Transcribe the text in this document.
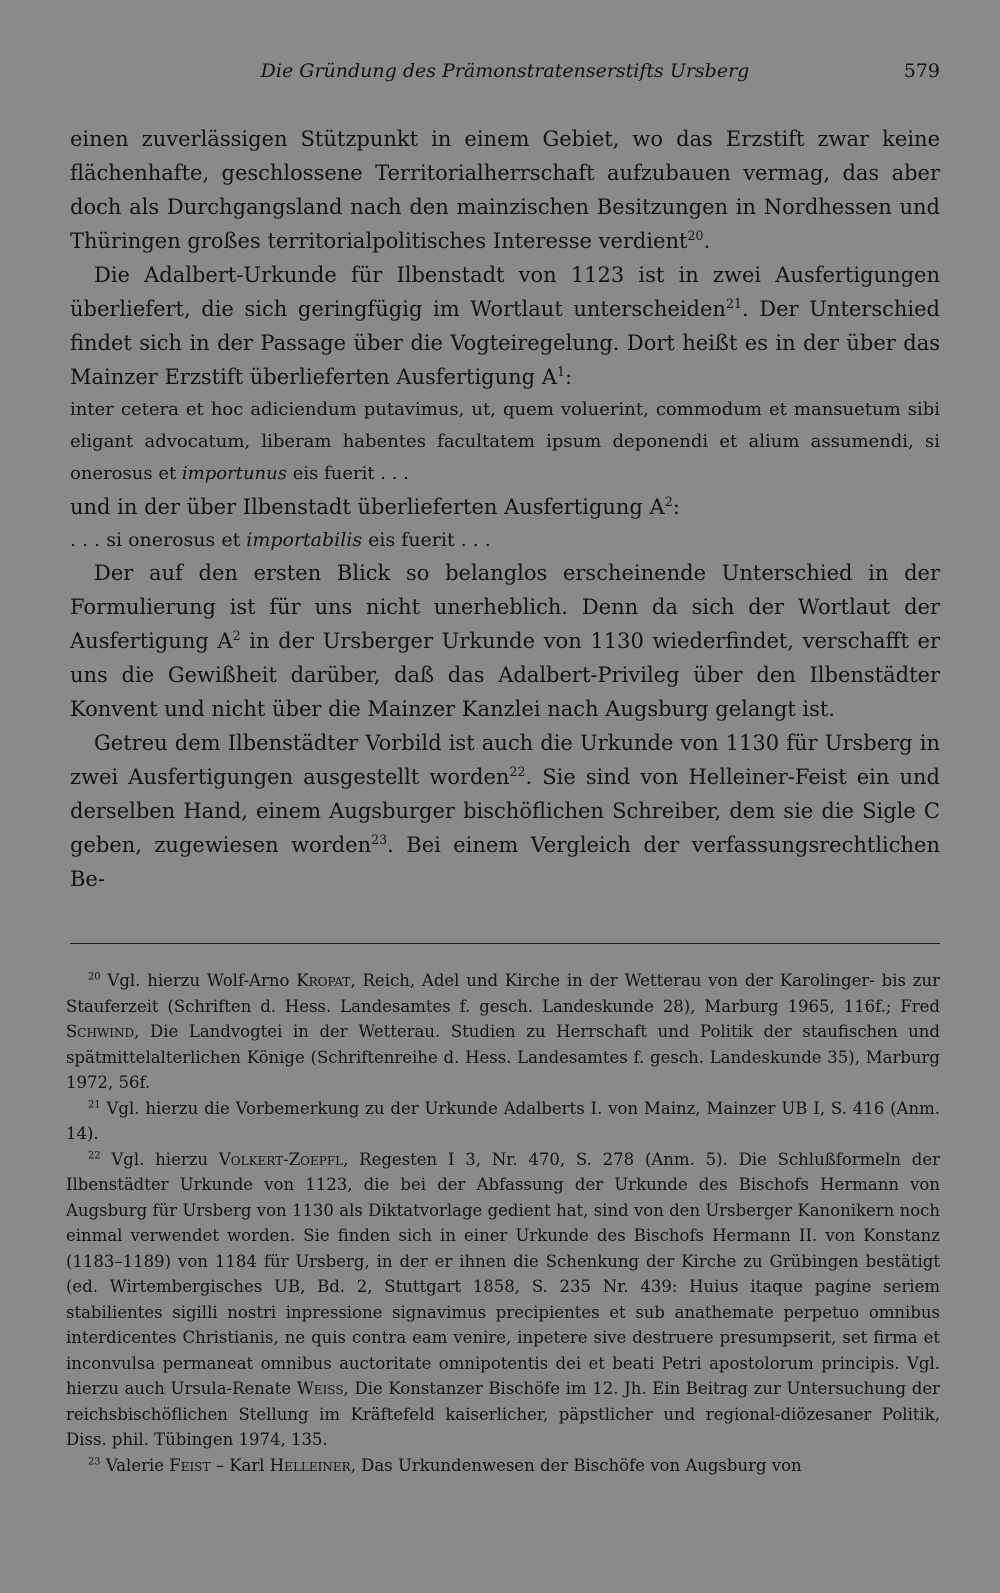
Die Gründung des Prämonstratenserstifts Ursberg	579

einen zuverlässigen Stützpunkt in einem Gebiet, wo das Erzstift zwar keine flächenhafte, geschlossene Territorialherrschaft aufzubauen vermag, das aber doch als Durchgangsland nach den mainzischen Besitzungen in Nordhessen und Thüringen großes territorialpolitisches Interesse verdient$^{20}$.

Die Adalbert-Urkunde für Ilbenstadt von 1123 ist in zwei Ausfertigungen überliefert, die sich geringfügig im Wortlaut unterscheiden$^{21}$. Der Unterschied findet sich in der Passage über die Vogteiregelung. Dort heißt es in der über das Mainzer Erzstift überlieferten Ausfertigung $A^1$:

inter cetera et hoc adiciendum putavimus, ut, quem voluerint, commodum et mansuetum sibi eligant advocatum, liberam habentes facultatem ipsum deponendi et alium assumendi, si onerosus et importunus eis fuerit . . .

und in der über Ilbenstadt überlieferten Ausfertigung $A^2$:

. . . si onerosus et importabilis eis fuerit . . .

Der auf den ersten Blick so belanglos erscheinende Unterschied in der Formulierung ist für uns nicht unerheblich. Denn da sich der Wortlaut der Ausfertigung $A^2$ in der Ursberger Urkunde von 1130 wiederfindet, verschafft er uns die Gewißheit darüber, daß das Adalbert-Privileg über den Ilbenstädter Konvent und nicht über die Mainzer Kanzlei nach Augsburg gelangt ist.

Getreu dem Ilbenstädter Vorbild ist auch die Urkunde von 1130 für Ursberg in zwei Ausfertigungen ausgestellt worden$^{22}$. Sie sind von Helleiner-Feist ein und derselben Hand, einem Augsburger bischöflichen Schreiber, dem sie die Sigle C geben, zugewiesen worden$^{23}$. Bei einem Vergleich der verfassungsrechtlichen Be-

$^{20}$ Vgl. hierzu Wolf-Arno Kropat, Reich, Adel und Kirche in der Wetterau von der Karolinger- bis zur Stauferzeit (Schriften d. Hess. Landesamtes f. gesch. Landeskunde 28), Marburg 1965, 116f.; Fred Schwind, Die Landvogtei in der Wetterau. Studien zu Herrschaft und Politik der staufischen und spätmittelalterlichen Könige (Schriftenreihe d. Hess. Landesamtes f. gesch. Landeskunde 35), Marburg 1972, 56f.

$^{21}$ Vgl. hierzu die Vorbemerkung zu der Urkunde Adalberts I. von Mainz, Mainzer UB I, S. 416 (Anm. 14).

$^{22}$ Vgl. hierzu Volkert-Zoepfl, Regesten I 3, Nr. 470, S. 278 (Anm. 5). Die Schlußformeln der Ilbenstädter Urkunde von 1123, die bei der Abfassung der Urkunde des Bischofs Hermann von Augsburg für Ursberg von 1130 als Diktatvorlage gedient hat, sind von den Ursberger Kanonikern noch einmal verwendet worden. Sie finden sich in einer Urkunde des Bischofs Hermann II. von Konstanz (1183–1189) von 1184 für Ursberg, in der er ihnen die Schenkung der Kirche zu Grübingen bestätigt (ed. Wirtembergisches UB, Bd. 2, Stuttgart 1858, S. 235 Nr. 439: Huius itaque pagine seriem stabilientes sigilli nostri inpressione signavimus precipientes et sub anathemate perpetuo omnibus interdicentes Christianis, ne quis contra eam venire, inpetere sive destruere presumpserit, set firma et inconvulsa permaneat omnibus auctoritate omnipotentis dei et beati Petri apostolorum principis. Vgl. hierzu auch Ursula-Renate Weiss, Die Konstanzer Bischöfe im 12. Jh. Ein Beitrag zur Untersuchung der reichsbischöflichen Stellung im Kräftefeld kaiserlicher, päpstlicher und regional-diözesaner Politik, Diss. phil. Tübingen 1974, 135.

$^{23}$ Valerie Feist – Karl Helleiner, Das Urkundenwesen der Bischöfe von Augsburg von
